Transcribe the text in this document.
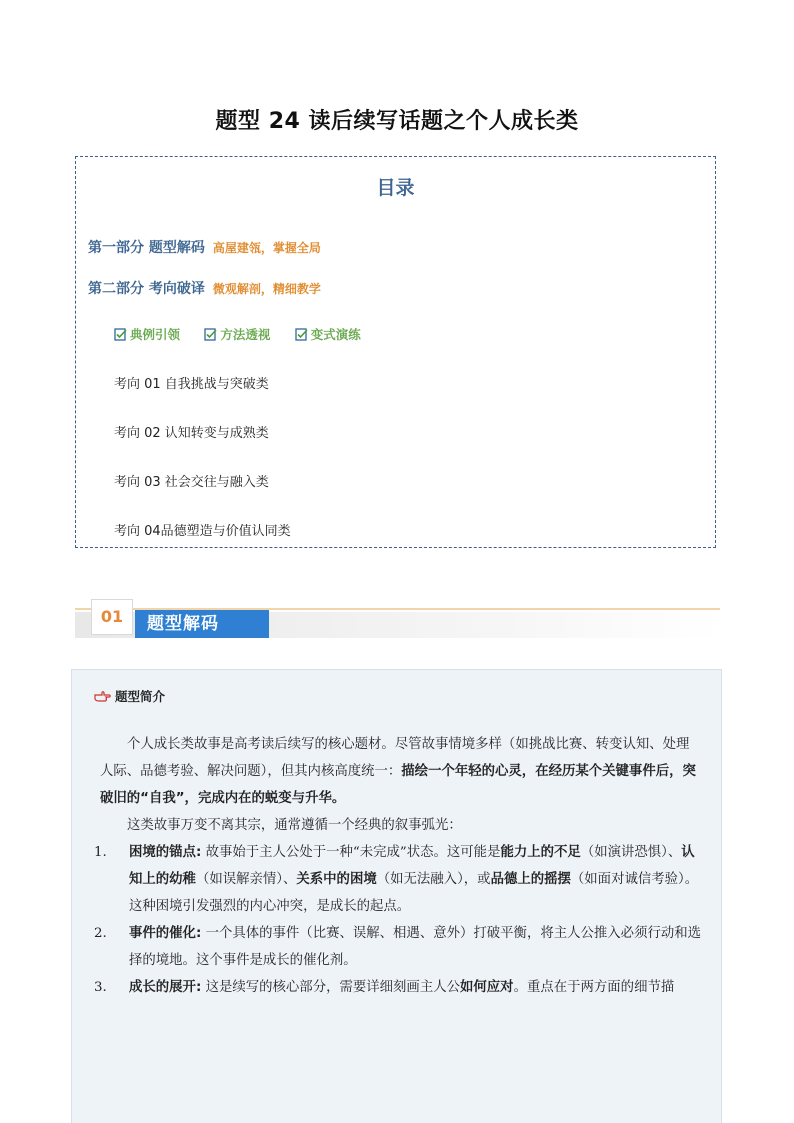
题型 24 读后续写话题之个人成长类
目录
第一部分 题型解码 高屋建瓴，掌握全局
第二部分 考向破译 微观解剖，精细教学
典例引领
	方法透视
	变式演练
考向 01 自我挑战与突破类
考向 02 认知转变与成熟类
考向 03 社会交往与融入类
考向 04品德塑造与价值认同类
01	题型解码
题型简介
个人成长类故事是高考读后续写的核心题材。尽管故事情境多样（如挑战比赛、转变认知、处理人际、品德考验、解决问题），但其内核高度统一：描绘一个年轻的心灵，在经历某个关键事件后，突破旧的“自我”，完成内在的蜕变与升华。
这类故事万变不离其宗，通常遵循一个经典的叙事弧光：
1.	困境的锚点: 故事始于主人公处于一种“未完成”状态。这可能是能力上的不足（如演讲恐惧）、认知上的幼稚（如误解亲情）、关系中的困境（如无法融入），或品德上的摇摆（如面对诚信考验）。这种困境引发强烈的内心冲突，是成长的起点。
2.	事件的催化: 一个具体的事件（比赛、误解、相遇、意外）打破平衡，将主人公推入必须行动和选择的境地。这个事件是成长的催化剂。
3.	成长的展开: 这是续写的核心部分，需要详细刻画主人公如何应对。重点在于两方面的细节描
